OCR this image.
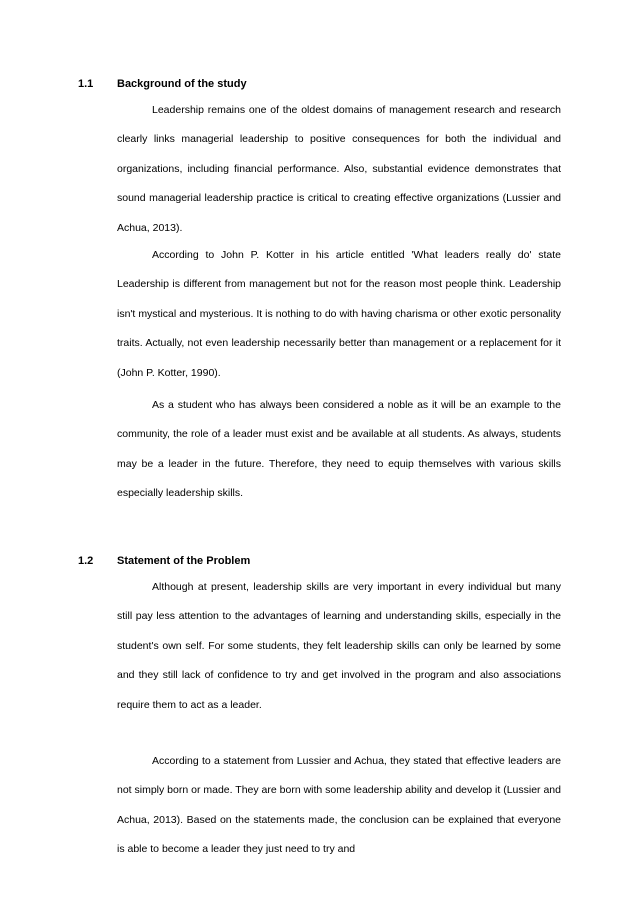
1.1 Background of the study

Leadership remains one of the oldest domains of management research and research clearly links managerial leadership to positive consequences for both the individual and organizations, including financial performance. Also, substantial evidence demonstrates that sound managerial leadership practice is critical to creating effective organizations (Lussier and Achua, 2013).

According to John P. Kotter in his article entitled 'What leaders really do' state Leadership is different from management but not for the reason most people think. Leadership isn't mystical and mysterious. It is nothing to do with having charisma or other exotic personality traits. Actually, not even leadership necessarily better than management or a replacement for it (John P. Kotter, 1990).

As a student who has always been considered a noble as it will be an example to the community, the role of a leader must exist and be available at all students. As always, students may be a leader in the future. Therefore, they need to equip themselves with various skills especially leadership skills.

1.2 Statement of the Problem

Although at present, leadership skills are very important in every individual but many still pay less attention to the advantages of learning and understanding skills, especially in the student's own self. For some students, they felt leadership skills can only be learned by some and they still lack of confidence to try and get involved in the program and also associations require them to act as a leader.

According to a statement from Lussier and Achua, they stated that effective leaders are not simply born or made. They are born with some leadership ability and develop it (Lussier and Achua, 2013). Based on the statements made, the conclusion can be explained that everyone is able to become a leader they just need to try and
